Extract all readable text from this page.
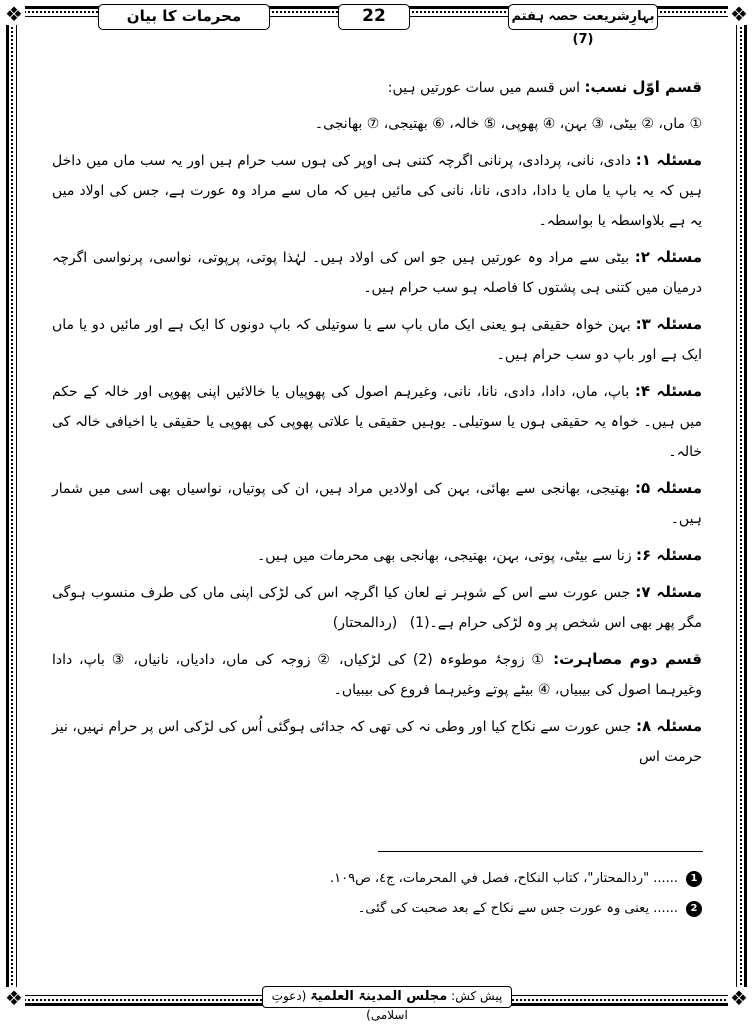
❖	❖
❖	❖
محرمات کا بیان	22	بہارِشریعت حصہ ہفتم (7)

قسم اوّل نسب: اس قسم میں سات عورتیں ہیں:

① ماں، ② بیٹی، ③ بہن، ④ پھوپی، ⑤ خالہ، ⑥ بھتیجی، ⑦ بھانجی۔

مسئلہ ۱: دادی، نانی، پردادی، پرنانی اگرچہ کتنی ہی اوپر کی ہوں سب حرام ہیں اور یہ سب ماں میں داخل ہیں کہ یہ باپ یا ماں یا دادا، دادی، نانا، نانی کی مائیں ہیں کہ ماں سے مراد وہ عورت ہے، جس کی اولاد میں یہ ہے بلاواسطہ یا بواسطہ۔

مسئلہ ۲: بیٹی سے مراد وہ عورتیں ہیں جو اس کی اولاد ہیں۔ لہٰذا پوتی، پرپوتی، نواسی، پرنواسی اگرچہ درمیان میں کتنی ہی پشتوں کا فاصلہ ہو سب حرام ہیں۔

مسئلہ ۳: بہن خواہ حقیقی ہو یعنی ایک ماں باپ سے یا سوتیلی کہ باپ دونوں کا ایک ہے اور مائیں دو یا ماں ایک ہے اور باپ دو سب حرام ہیں۔

مسئلہ ۴: باپ، ماں، دادا، دادی، نانا، نانی، وغیرہم اصول کی پھوپیاں یا خالائیں اپنی پھوپی اور خالہ کے حکم میں ہیں۔ خواہ یہ حقیقی ہوں یا سوتیلی۔ یوہیں حقیقی یا علاتی پھوپی کی پھوپی یا حقیقی یا اخیافی خالہ کی خالہ۔

مسئلہ ۵: بھتیجی، بھانجی سے بھائی، بہن کی اولادیں مراد ہیں، ان کی پوتیاں، نواسیاں بھی اسی میں شمار ہیں۔

مسئلہ ۶: زنا سے بیٹی، پوتی، بہن، بھتیجی، بھانجی بھی محرمات میں ہیں۔

مسئلہ ۷: جس عورت سے اس کے شوہر نے لعان کیا اگرچہ اس کی لڑکی اپنی ماں کی طرف منسوب ہوگی مگر پھر بھی اس شخص پر وہ لڑکی حرام ہے۔(1) (ردالمحتار)

قسم دوم مصاہرت: ① زوجۂ موطوءہ (2) کی لڑکیاں، ② زوجہ کی ماں، دادیاں، نانیاں، ③ باپ، دادا وغیرہما اصول کی بیبیاں، ④ بیٹے پوتے وغیرہما فروع کی بیبیاں۔

مسئلہ ۸: جس عورت سے نکاح کیا اور وطی نہ کی تھی کہ جدائی ہوگئی اُس کی لڑکی اس پر حرام نہیں، نیز حرمت اس

1
...... "ردالمحتار"، كتاب النكاح، فصل في المحرمات، ج٤، ص١٠٩.
2
...... یعنی وہ عورت جس سے نکاح کے بعد صحبت کی گئی۔
پیش کش: مجلس المدینۃ العلمیۃ (دعوتِ اسلامی)
